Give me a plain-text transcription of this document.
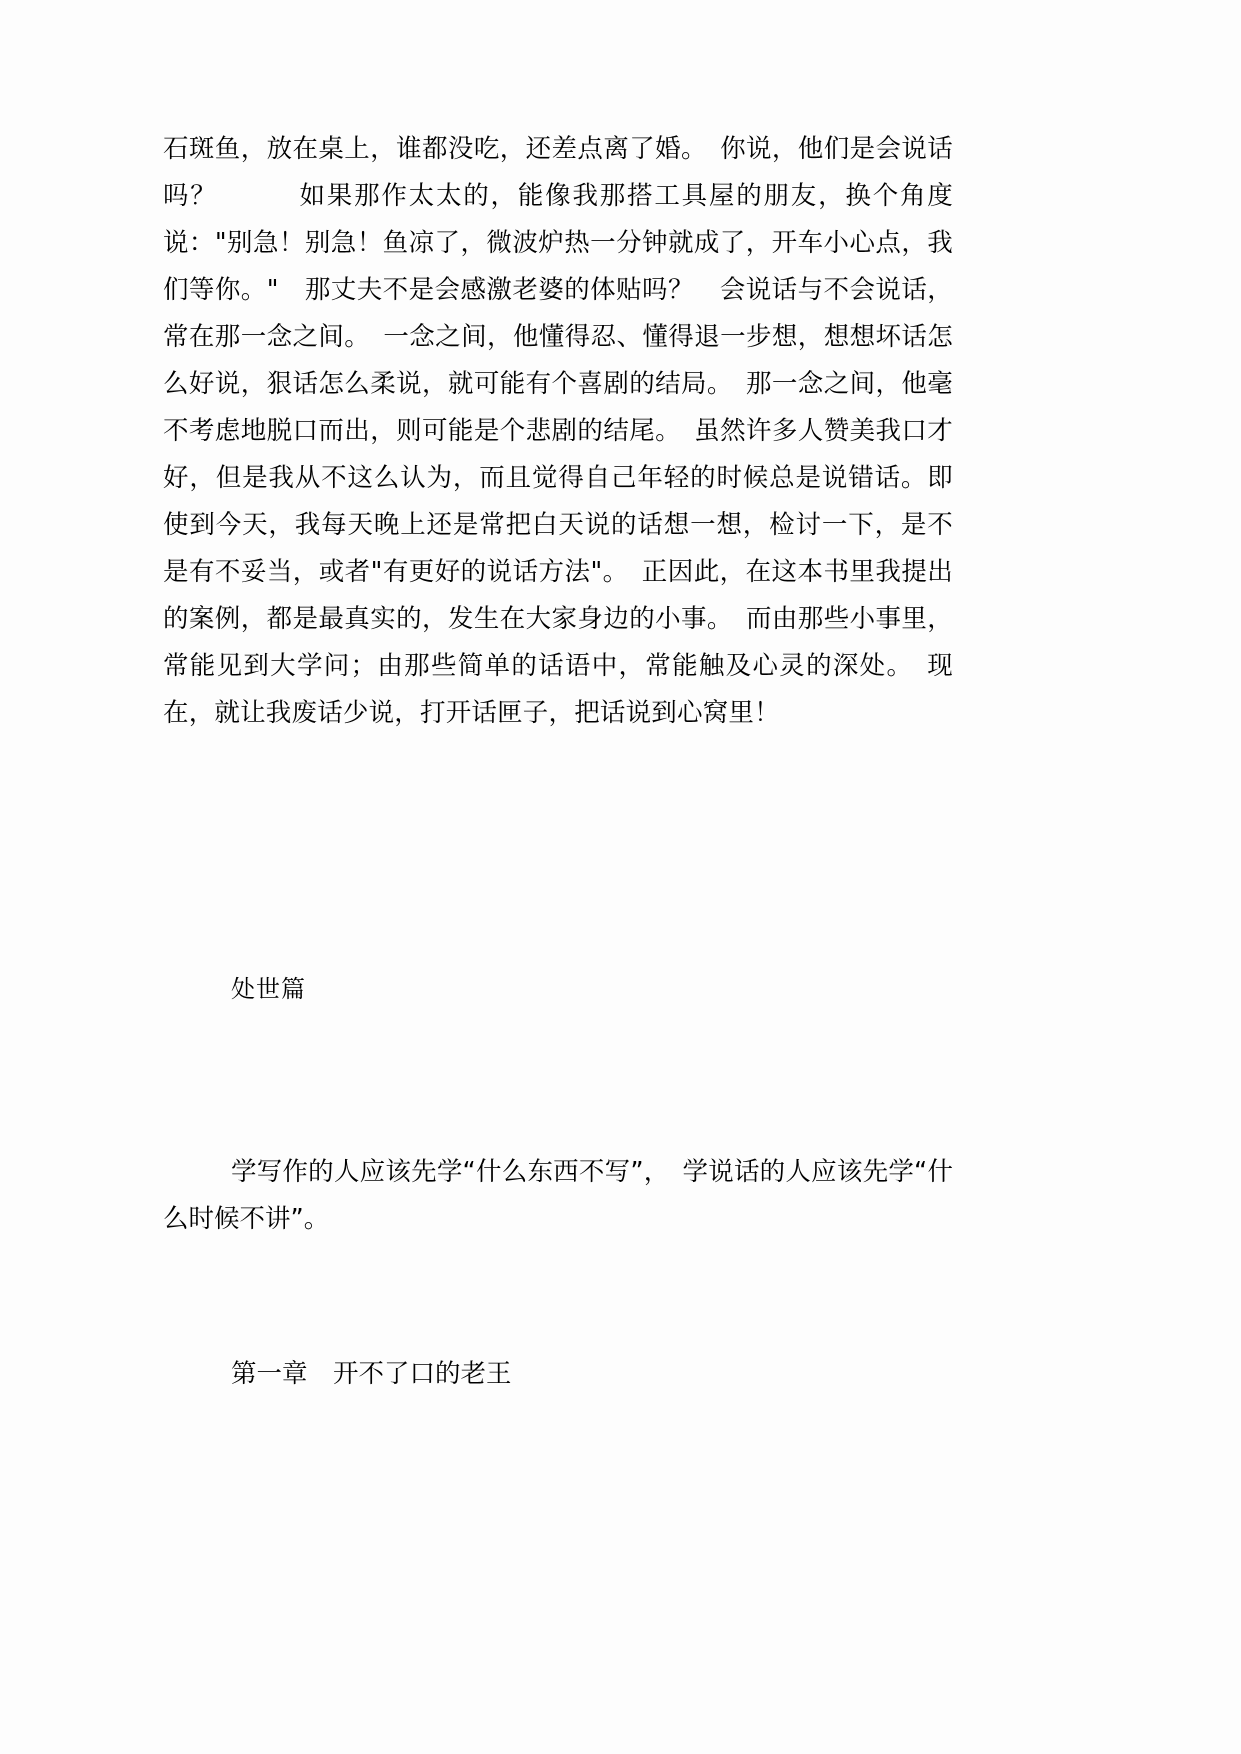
石斑鱼，放在桌上，谁都没吃，还差点离了婚。　你说，他们是会说话吗？　　　如果那作太太的，能像我那搭工具屋的朋友，换个角度说："别急！别急！鱼凉了，微波炉热一分钟就成了，开车小心点，我们等你。"　那丈夫不是会感激老婆的体贴吗？　会说话与不会说话，常在那一念之间。　一念之间，他懂得忍、懂得退一步想，想想坏话怎么好说，狠话怎么柔说，就可能有个喜剧的结局。　那一念之间，他毫不考虑地脱口而出，则可能是个悲剧的结尾。　虽然许多人赞美我口才好，但是我从不这么认为，而且觉得自己年轻的时候总是说错话。即使到今天，我每天晚上还是常把白天说的话想一想，检讨一下，是不是有不妥当，或者"有更好的说话方法"。　正因此，在这本书里我提出的案例，都是最真实的，发生在大家身边的小事。　而由那些小事里，常能见到大学问；由那些简单的话语中，常能触及心灵的深处。　现在，就让我废话少说，打开话匣子，把话说到心窝里！

处世篇

学写作的人应该先学“什么东西不写”，　学说话的人应该先学“什么时候不讲”。

第一章　开不了口的老王
